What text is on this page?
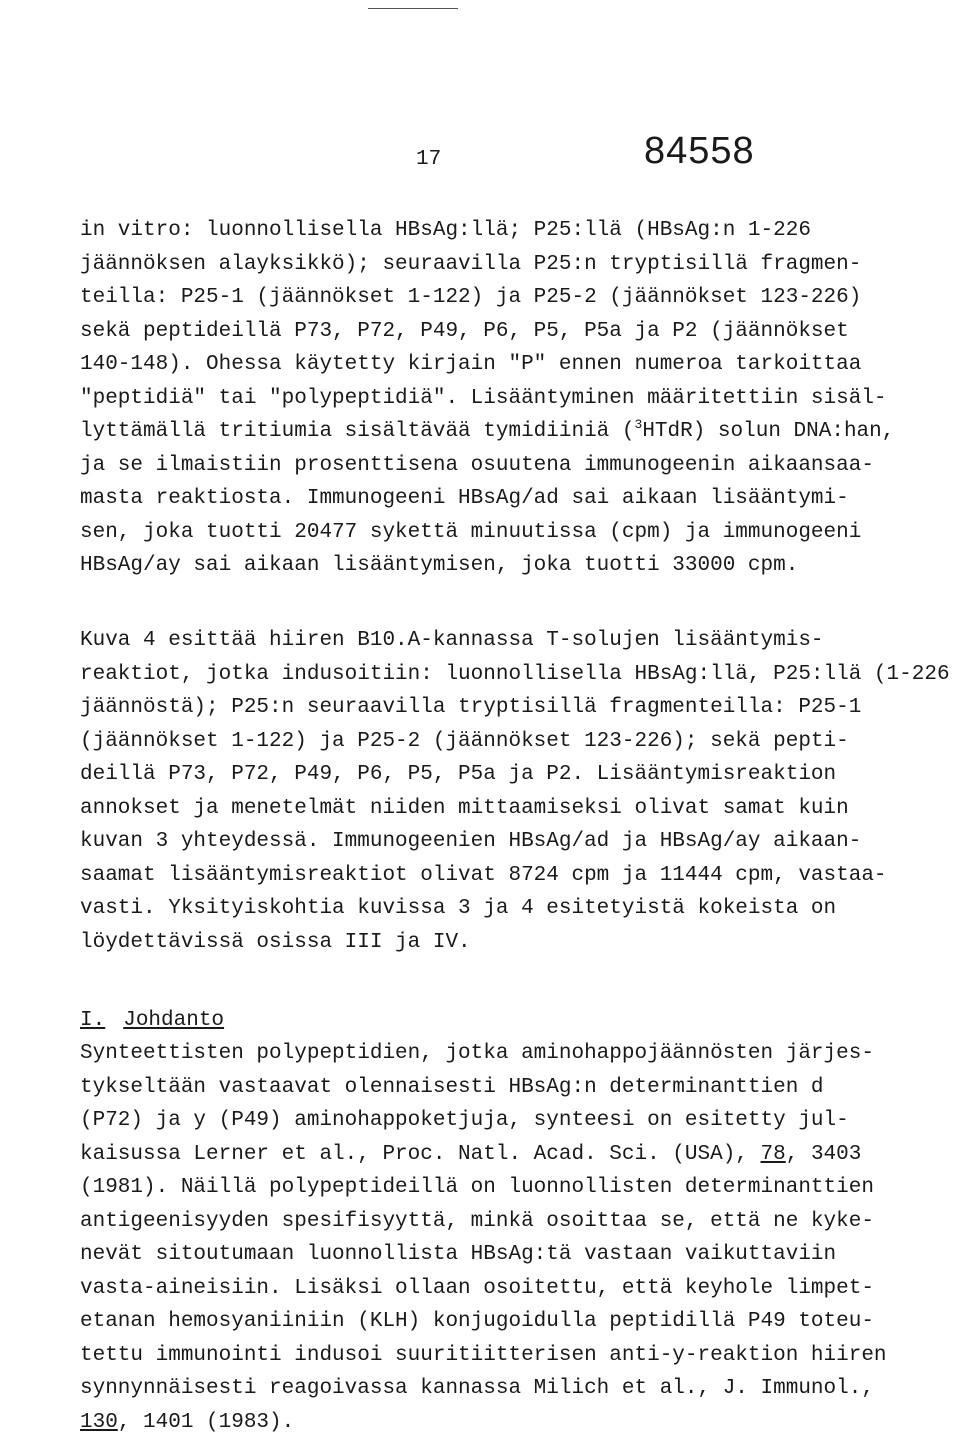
17	84558
in vitro: luonnollisella HBsAg:llä; P25:llä (HBsAg:n 1-226
jäännöksen alayksikkö); seuraavilla P25:n tryptisillä fragmen-
teilla: P25-1 (jäännökset 1-122) ja P25-2 (jäännökset 123-226)
sekä peptideillä P73, P72, P49, P6, P5, P5a ja P2 (jäännökset
140-148). Ohessa käytetty kirjain "P" ennen numeroa tarkoittaa
"peptidiä" tai "polypeptidiä". Lisääntyminen määritettiin sisäl-
lyttämällä tritiumia sisältävää tymidiiniä ($^3$HTdR) solun DNA:han,
ja se ilmaistiin prosenttisena osuutena immunogeenin aikaansaa-
masta reaktiosta. Immunogeeni HBsAg/ad sai aikaan lisääntymi-
sen, joka tuotti 20477 sykettä minuutissa (cpm) ja immunogeeni
HBsAg/ay sai aikaan lisääntymisen, joka tuotti 33000 cpm.
Kuva 4 esittää hiiren B10.A-kannassa T-solujen lisääntymis-
reaktiot, jotka indusoitiin: luonnollisella HBsAg:llä, P25:llä (1-226
jäännöstä); P25:n seuraavilla tryptisillä fragmenteilla: P25-1
(jäännökset 1-122) ja P25-2 (jäännökset 123-226); sekä pepti-
deillä P73, P72, P49, P6, P5, P5a ja P2. Lisääntymisreaktion
annokset ja menetelmät niiden mittaamiseksi olivat samat kuin
kuvan 3 yhteydessä. Immunogeenien HBsAg/ad ja HBsAg/ay aikaan-
saamat lisääntymisreaktiot olivat 8724 cpm ja 11444 cpm, vastaa-
vasti. Yksityiskohtia kuvissa 3 ja 4 esitetyistä kokeista on
löydettävissä osissa III ja IV.
I. Johdanto
Synteettisten polypeptidien, jotka aminohappojäännösten järjes-
tykseltään vastaavat olennaisesti HBsAg:n determinanttien d
(P72) ja y (P49) aminohappoketjuja, synteesi on esitetty jul-
kaisussa Lerner et al., Proc. Natl. Acad. Sci. (USA), 78, 3403
(1981). Näillä polypeptideillä on luonnollisten determinanttien
antigeenisyyden spesifisyyttä, minkä osoittaa se, että ne kyke-
nevät sitoutumaan luonnollista HBsAg:tä vastaan vaikuttaviin
vasta-aineisiin. Lisäksi ollaan osoitettu, että keyhole limpet-
etanan hemosyaniiniin (KLH) konjugoidulla peptidillä P49 toteu-
tettu immunointi indusoi suuritiitterisen anti-y-reaktion hiiren
synnynnäisesti reagoivassa kannassa Milich et al., J. Immunol.,
130, 1401 (1983).
